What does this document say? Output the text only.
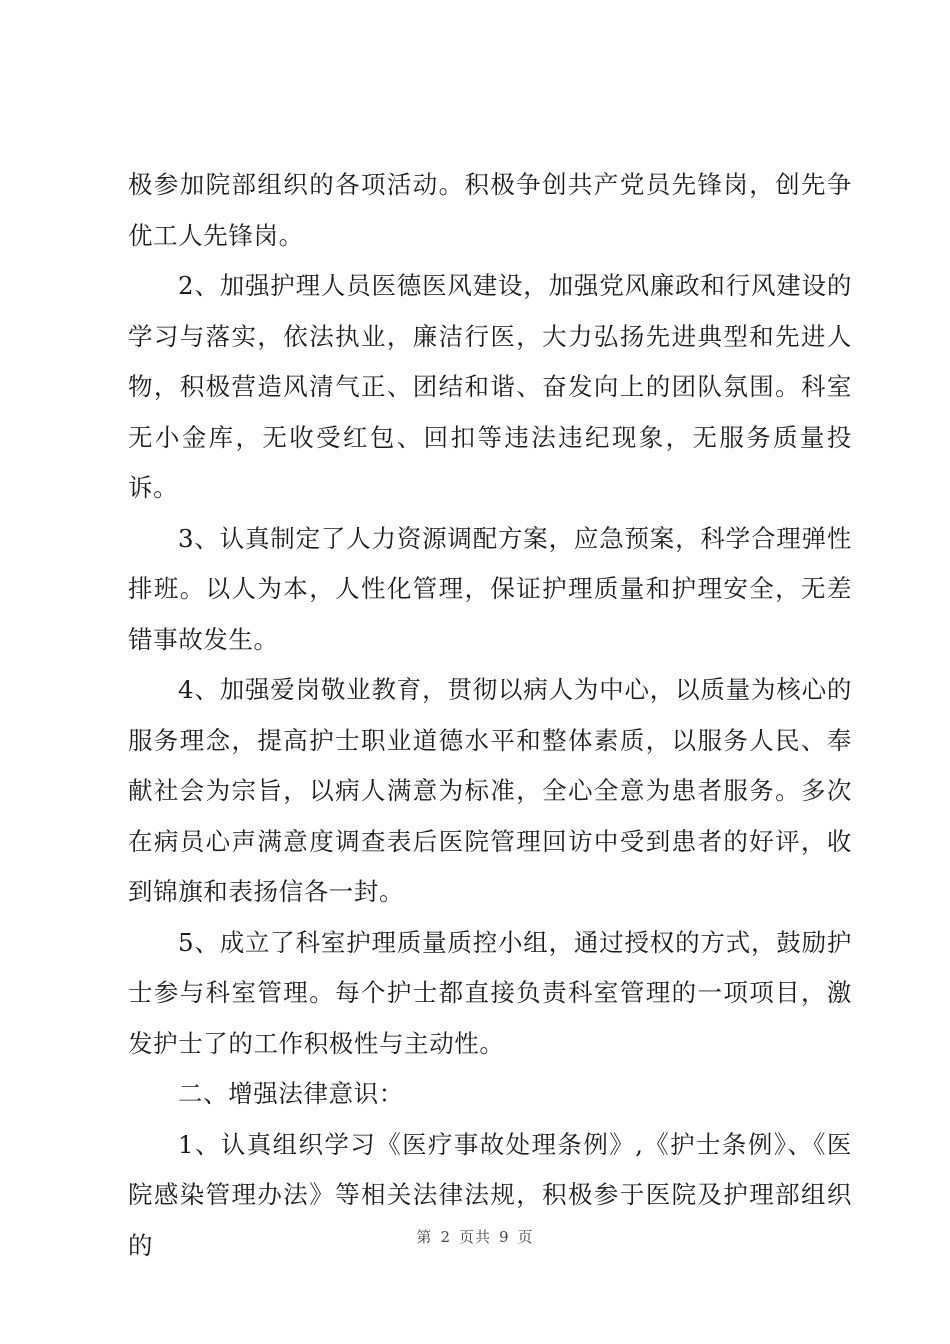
极参加院部组织的各项活动。积极争创共产党员先锋岗，创先争优工人先锋岗。

2、加强护理人员医德医风建设，加强党风廉政和行风建设的学习与落实，依法执业，廉洁行医，大力弘扬先进典型和先进人物，积极营造风清气正、团结和谐、奋发向上的团队氛围。科室无小金库，无收受红包、回扣等违法违纪现象，无服务质量投诉。

3、认真制定了人力资源调配方案，应急预案，科学合理弹性排班。以人为本，人性化管理，保证护理质量和护理安全，无差错事故发生。

4、加强爱岗敬业教育，贯彻以病人为中心，以质量为核心的服务理念，提高护士职业道德水平和整体素质，以服务人民、奉献社会为宗旨，以病人满意为标准，全心全意为患者服务。多次在病员心声满意度调查表后医院管理回访中受到患者的好评，收到锦旗和表扬信各一封。

5、成立了科室护理质量质控小组，通过授权的方式，鼓励护士参与科室管理。每个护士都直接负责科室管理的一项项目，激发护士了的工作积极性与主动性。

二、增强法律意识：

1、认真组织学习《医疗事故处理条例》,《护士条例》、《医院感染管理办法》等相关法律法规，积极参于医院及护理部组织的	第 2 页共 9 页
